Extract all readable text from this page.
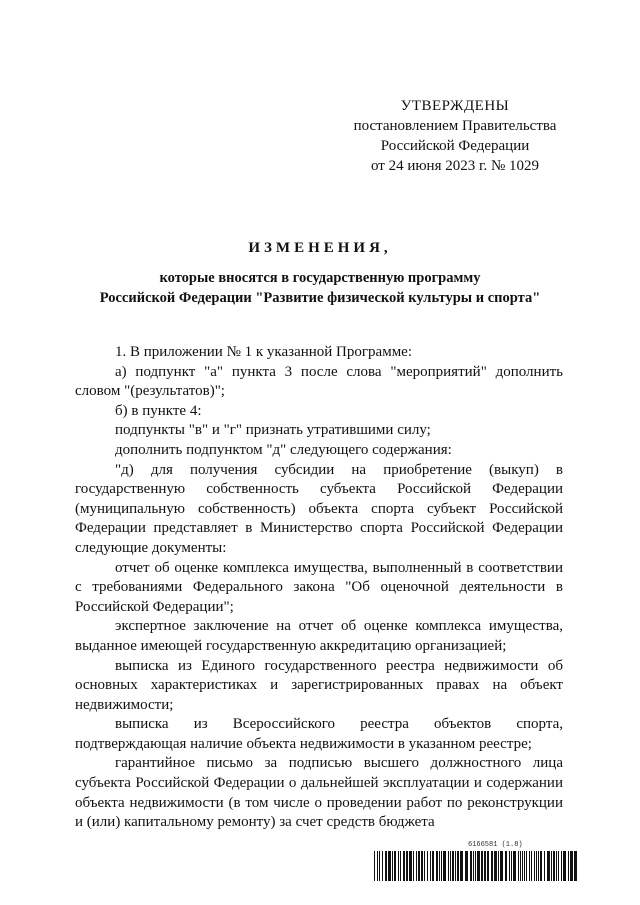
УТВЕРЖДЕНЫ
постановлением Правительства
Российской Федерации
от 24 июня 2023 г. № 1029
ИЗМЕНЕНИЯ,
которые вносятся в государственную программу
Российской Федерации "Развитие физической культуры и спорта"

1. В приложении № 1 к указанной Программе:

а) подпункт "а" пункта 3 после слова "мероприятий" дополнить словом "(результатов)";

б) в пункте 4:

подпункты "в" и "г" признать утратившими силу;

дополнить подпунктом "д" следующего содержания:

"д) для получения субсидии на приобретение (выкуп) в государственную собственность субъекта Российской Федерации (муниципальную собственность) объекта спорта субъект Российской Федерации представляет в Министерство спорта Российской Федерации следующие документы:

отчет об оценке комплекса имущества, выполненный в соответствии с требованиями Федерального закона "Об оценочной деятельности в Российской Федерации";

экспертное заключение на отчет об оценке комплекса имущества, выданное имеющей государственную аккредитацию организацией;

выписка из Единого государственного реестра недвижимости об основных характеристиках и зарегистрированных правах на объект недвижимости;

выписка из Всероссийского реестра объектов спорта, подтверждающая наличие объекта недвижимости в указанном реестре;

гарантийное письмо за подписью высшего должностного лица субъекта Российской Федерации о дальнейшей эксплуатации и содержании объекта недвижимости (в том числе о проведении работ по реконструкции и (или) капитальному ремонту) за счет средств бюджета

6166581 (1.8)
